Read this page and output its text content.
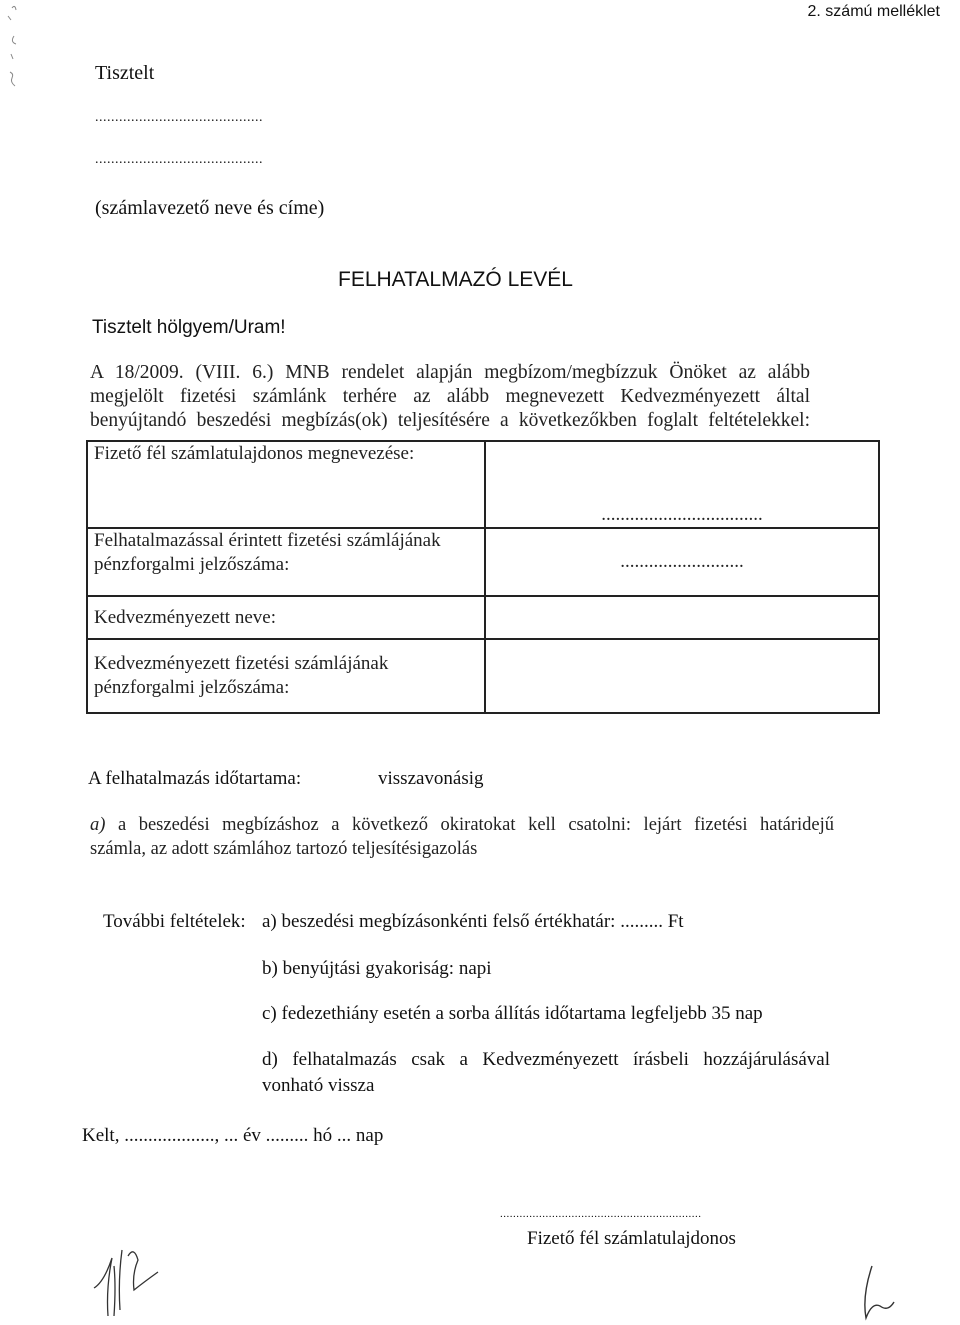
2. számú melléklet
Tisztelt
..........................................
..........................................
(számlavezető neve és címe)
FELHATALMAZÓ LEVÉL
Tisztelt hölgyem/Uram!
A 18/2009. (VIII. 6.) MNB rendelet alapján megbízom/megbízzuk Önöket az alább
megjelölt fizetési számlánk terhére az alább megnevezett Kedvezményezett által
benyújtandó beszedési megbízás(ok) teljesítésére a következőkben foglalt feltételekkel:
Fizető fél számlatulajdonos megnevezése:	..................................
Felhatalmazással érintett fizetési számlájának pénzforgalmi jelzőszáma:	..........................
Kedvezményezett neve:	
Kedvezményezett fizetési számlájának pénzforgalmi jelzőszáma:	
A felhatalmazás időtartama:	visszavonásig
a) a beszedési megbízáshoz a következő okiratokat kell csatolni: lejárt fizetési határidejű
számla, az adott számlához tartozó teljesítésigazolás
További feltételek: a) beszedési megbízásonkénti felső értékhatár: ......... Ft
b) benyújtási gyakoriság: napi
c) fedezethiány esetén a sorba állítás időtartama legfeljebb 35 nap
d) felhatalmazás csak a Kedvezményezett írásbeli hozzájárulásával
vonható vissza
Kelt, ..................., ... év ......... hó ... nap
..............................................................
Fizető fél számlatulajdonos
